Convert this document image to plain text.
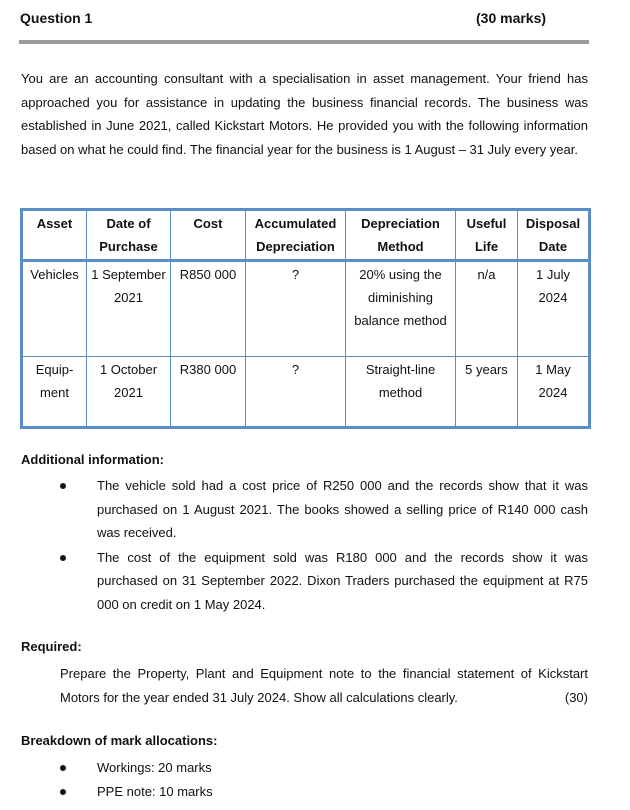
Question 1	(30 marks)
You are an accounting consultant with a specialisation in asset management. Your friend has approached you for assistance in updating the business financial records. The business was established in June 2021, called Kickstart Motors. He provided you with the following information based on what he could find. The financial year for the business is 1 August – 31 July every year.
Asset	Date of Purchase	Cost	Accumulated Depreciation	Depreciation Method	Useful Life	Disposal Date
Vehicles	1 September 2021	R850 000	?	20% using the diminishing balance method	n/a	1 July 2024
Equip-ment	1 October 2021	R380 000	?	Straight-line method	5 years	1 May 2024
Additional information:
The vehicle sold had a cost price of R250 000 and the records show that it was purchased on 1 August 2021. The books showed a selling price of R140 000 cash was received.
The cost of the equipment sold was R180 000 and the records show it was purchased on 31 September 2022. Dixon Traders purchased the equipment at R75 000 on credit on 1 May 2024.
Required:
Prepare the Property, Plant and Equipment note to the financial statement of Kickstart Motors for the year ended 31 July 2024. Show all calculations clearly.	(30)
Breakdown of mark allocations:
Workings: 20 marks
PPE note: 10 marks
